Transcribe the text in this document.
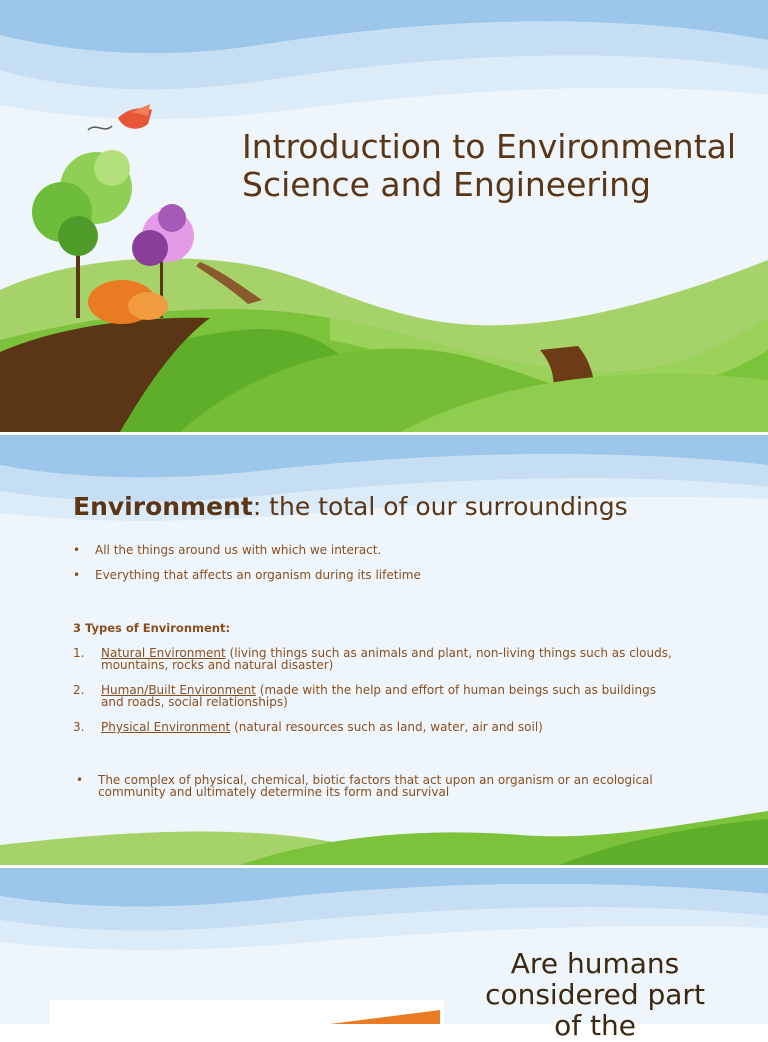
Introduction to Environmental Science and Engineering
Environment: the total of our surroundings
• All the things around us with which we interact.
• Everything that affects an organism during its lifetime
3 Types of Environment:
1. Natural Environment (living things such as animals and plant, non-living things such as clouds,
mountains, rocks and natural disaster)
2. Human/Built Environment (made with the help and effort of human beings such as buildings
and roads, social relationships)
3. Physical Environment (natural resources such as land, water, air and soil)
• The complex of physical, chemical, biotic factors that act upon an organism or an ecological
community and ultimately determine its form and survival
Are humans
considered part
of the
